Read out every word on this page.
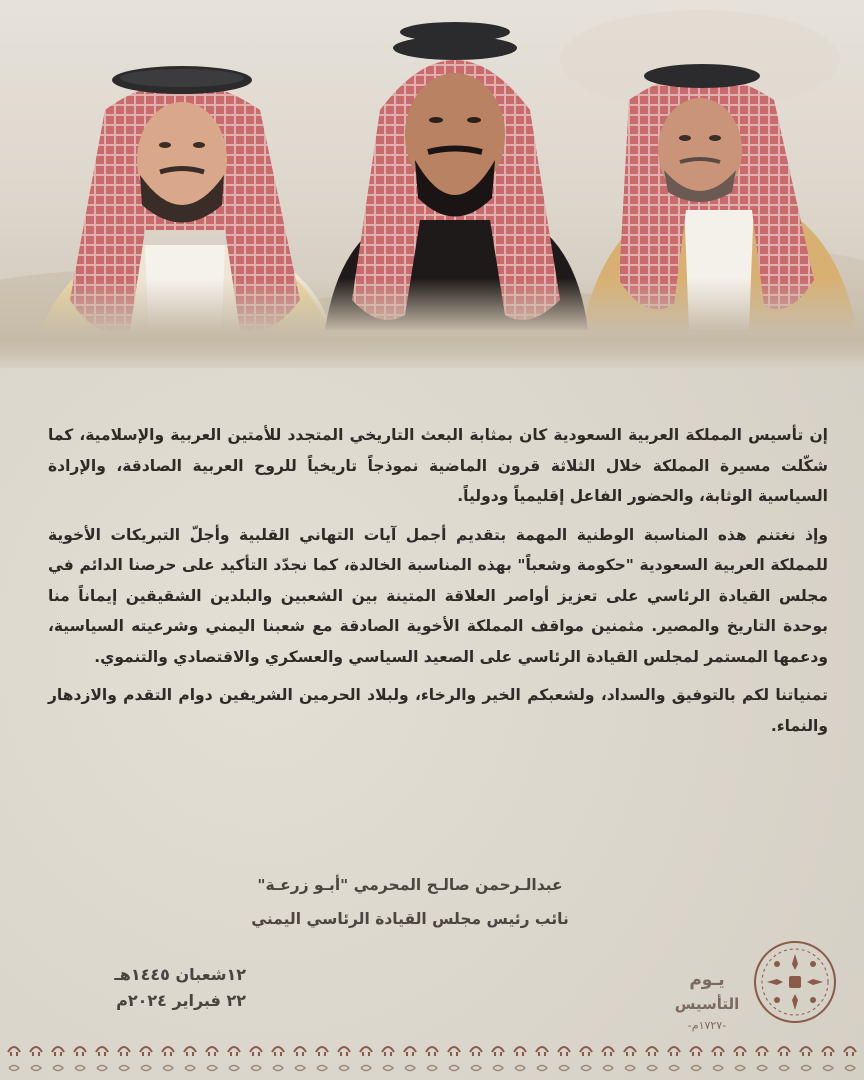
إن تأسيس المملكة العربية السعودية كان بمثابة البعث التاريخي المتجدد للأمتين العربية والإسلامية، كما شكّلت مسيرة المملكة خلال الثلاثة قرون الماضية نموذجاً تاريخياً للروح العربية الصادقة، والإرادة السياسية الوثابة، والحضور الفاعل إقليمياً ودولياً.

وإذ نغتنم هذه المناسبة الوطنية المهمة بتقديم أجمل آيات التهاني القلبية وأجلّ التبريكات الأخوية للمملكة العربية السعودية "حكومة وشعباً" بهذه المناسبة الخالدة، كما نجدّد التأكيد على حرصنا الدائم في مجلس القيادة الرئاسي على تعزيز أواصر العلاقة المتينة بين الشعبين والبلدين الشقيقين إيماناً منا بوحدة التاريخ والمصير. مثمنين مواقف المملكة الأخوية الصادقة مع شعبنا اليمني وشرعيته السياسية، ودعمها المستمر لمجلس القيادة الرئاسي على الصعيد السياسي والعسكري والاقتصادي والتنموي.

تمنياتنا لكم بالتوفيق والسداد، ولشعبكم الخير والرخاء، ولبلاد الحرمين الشريفين دوام التقدم والازدهار والنماء.

عبدالـرحمن صالـح المحرمي "أبـو زرعـة"
نائب رئيس مجلس القيادة الرئاسي اليمني
١٢شعبان ١٤٤٥هـ
٢٢ فبراير ٢٠٢٤م
يـوم
التأسيس
-١٧٢٧م-
